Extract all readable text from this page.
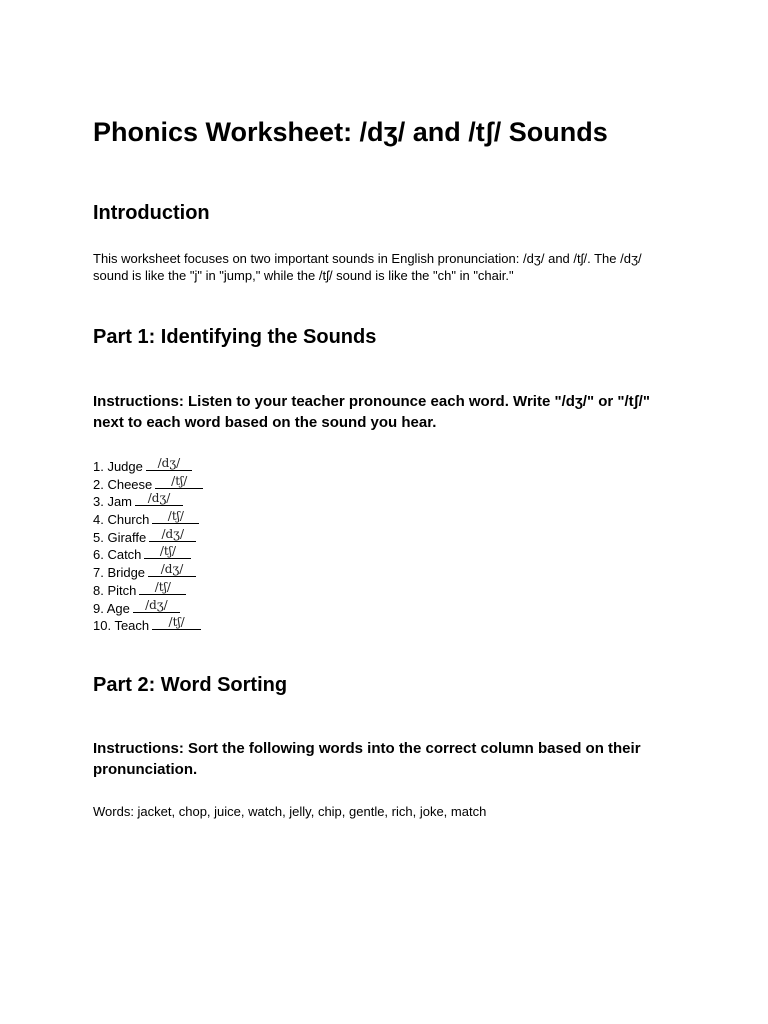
Phonics Worksheet: /dʒ/ and /tʃ/ Sounds
Introduction

This worksheet focuses on two important sounds in English pronunciation: /dʒ/ and /tʃ/. The /dʒ/ sound is like the "j" in "jump," while the /tʃ/ sound is like the "ch" in "chair."

Part 1: Identifying the Sounds

Instructions: Listen to your teacher pronounce each word. Write "/dʒ/" or "/tʃ/" next to each word based on the sound you hear.

1. Judge	/dʒ/
2. Cheese	/tʃ/
3. Jam	/dʒ/
4. Church	/tʃ/
5. Giraffe	/dʒ/
6. Catch	/tʃ/
7. Bridge	/dʒ/
8. Pitch	/tʃ/
9. Age	/dʒ/
10. Teach	/tʃ/
Part 2: Word Sorting

Instructions: Sort the following words into the correct column based on their pronunciation.

Words: jacket, chop, juice, watch, jelly, chip, gentle, rich, joke, match
